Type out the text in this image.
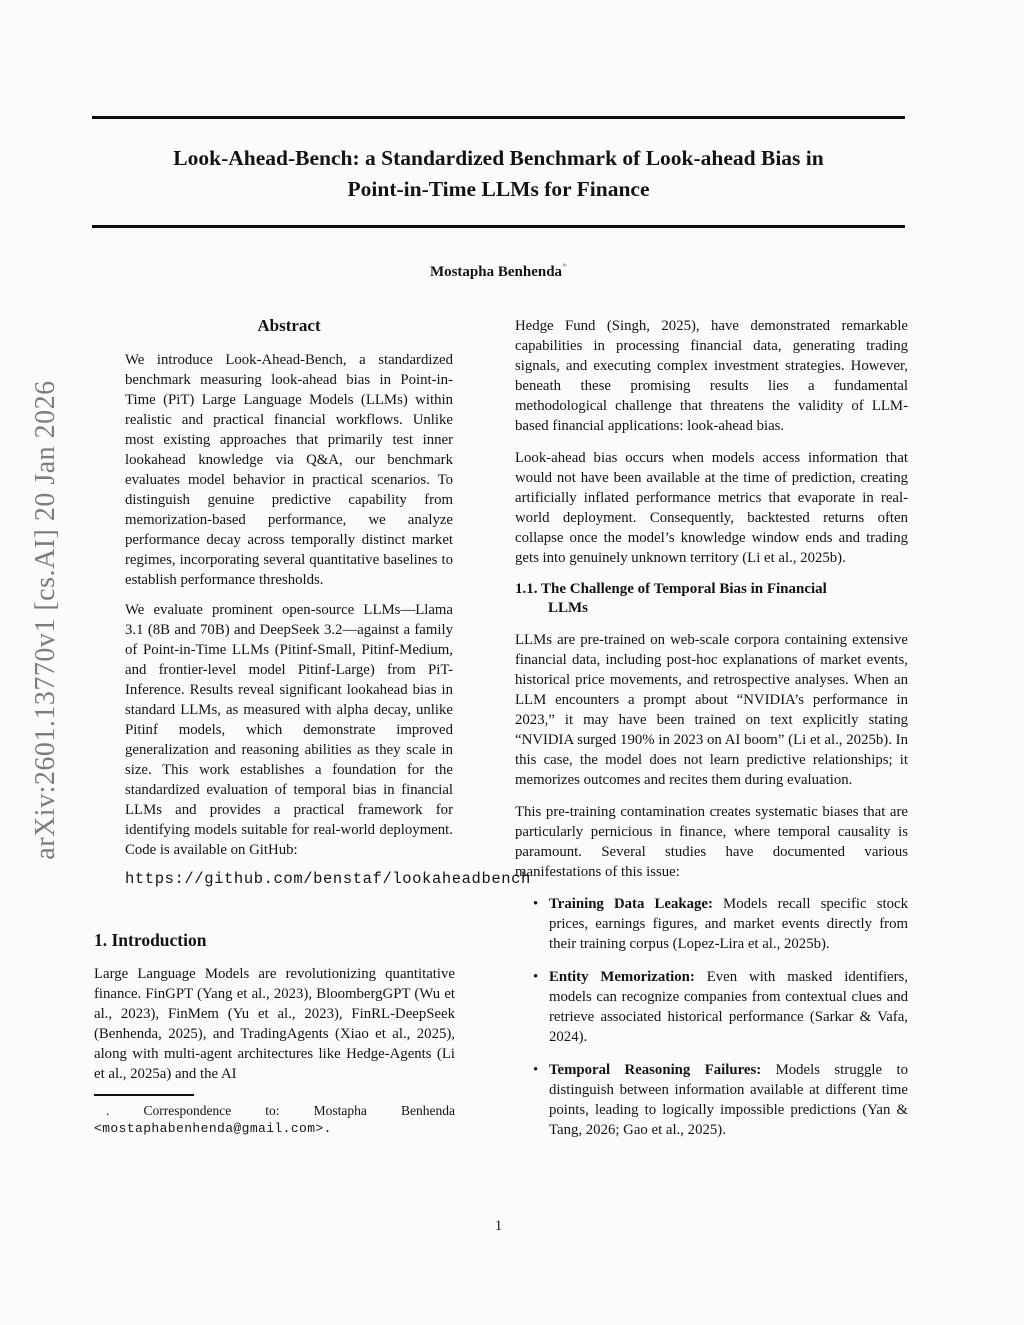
arXiv:2601.13770v1 [cs.AI] 20 Jan 2026
Look-Ahead-Bench: a Standardized Benchmark of Look-ahead Bias in
Point-in-Time LLMs for Finance
Mostapha Benhenda*
Abstract

We introduce Look-Ahead-Bench, a standardized benchmark measuring look-ahead bias in Point-in-Time (PiT) Large Language Models (LLMs) within realistic and practical financial workflows. Unlike most existing approaches that primarily test inner lookahead knowledge via Q&A, our benchmark evaluates model behavior in practical scenarios. To distinguish genuine predictive capability from memorization-based performance, we analyze performance decay across temporally distinct market regimes, incorporating several quantitative baselines to establish performance thresholds.

We evaluate prominent open-source LLMs—Llama 3.1 (8B and 70B) and DeepSeek 3.2—against a family of Point-in-Time LLMs (Pitinf-Small, Pitinf-Medium, and frontier-level model Pitinf-Large) from PiT-Inference. Results reveal significant lookahead bias in standard LLMs, as measured with alpha decay, unlike Pitinf models, which demonstrate improved generalization and reasoning abilities as they scale in size. This work establishes a foundation for the standardized evaluation of temporal bias in financial LLMs and provides a practical framework for identifying models suitable for real-world deployment. Code is available on GitHub:

https://github.com/benstaf/lookaheadbench
1. Introduction

Large Language Models are revolutionizing quantitative finance. FinGPT (Yang et al., 2023), BloombergGPT (Wu et al., 2023), FinMem (Yu et al., 2023), FinRL-DeepSeek (Benhenda, 2025), and TradingAgents (Xiao et al., 2025), along with multi-agent architectures like Hedge-Agents (Li et al., 2025a) and the AI

. Correspondence to: Mostapha Benhenda <mostaphabenhenda@gmail.com>.

Hedge Fund (Singh, 2025), have demonstrated remarkable capabilities in processing financial data, generating trading signals, and executing complex investment strategies. However, beneath these promising results lies a fundamental methodological challenge that threatens the validity of LLM-based financial applications: look-ahead bias.

Look-ahead bias occurs when models access information that would not have been available at the time of prediction, creating artificially inflated performance metrics that evaporate in real-world deployment. Consequently, backtested returns often collapse once the model’s knowledge window ends and trading gets into genuinely unknown territory (Li et al., 2025b).

1.1. The Challenge of Temporal Bias in Financial
LLMs

LLMs are pre-trained on web-scale corpora containing extensive financial data, including post-hoc explanations of market events, historical price movements, and retrospective analyses. When an LLM encounters a prompt about “NVIDIA’s performance in 2023,” it may have been trained on text explicitly stating “NVIDIA surged 190% in 2023 on AI boom” (Li et al., 2025b). In this case, the model does not learn predictive relationships; it memorizes outcomes and recites them during evaluation.

This pre-training contamination creates systematic biases that are particularly pernicious in finance, where temporal causality is paramount. Several studies have documented various manifestations of this issue:

• Training Data Leakage: Models recall specific stock prices, earnings figures, and market events directly from their training corpus (Lopez-Lira et al., 2025b).
• Entity Memorization: Even with masked identifiers, models can recognize companies from contextual clues and retrieve associated historical performance (Sarkar & Vafa, 2024).
• Temporal Reasoning Failures: Models struggle to distinguish between information available at different time points, leading to logically impossible predictions (Yan & Tang, 2026; Gao et al., 2025).
1
